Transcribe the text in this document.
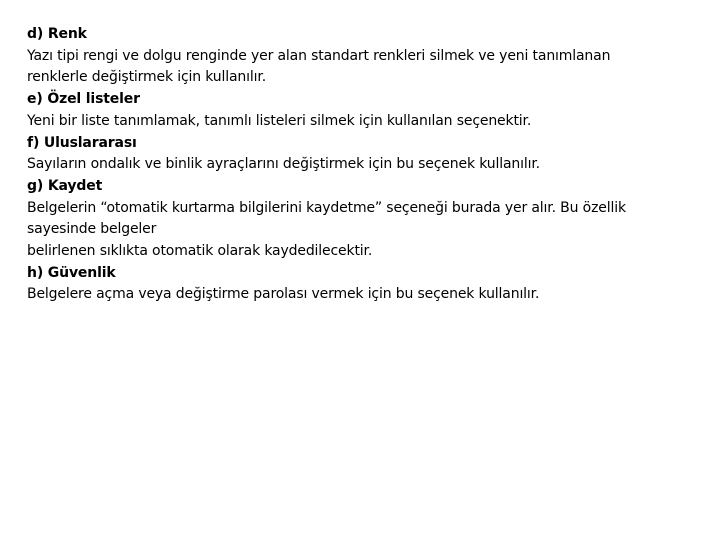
d) Renk
Yazı tipi rengi ve dolgu renginde yer alan standart renkleri silmek ve yeni tanımlanan
renklerle değiştirmek için kullanılır.
e) Özel listeler
Yeni bir liste tanımlamak, tanımlı listeleri silmek için kullanılan seçenektir.
f) Uluslararası
Sayıların ondalık ve binlik ayraçlarını değiştirmek için bu seçenek kullanılır.
g) Kaydet
Belgelerin “otomatik kurtarma bilgilerini kaydetme” seçeneği burada yer alır. Bu özellik
sayesinde belgeler
belirlenen sıklıkta otomatik olarak kaydedilecektir.
h) Güvenlik
Belgelere açma veya değiştirme parolası vermek için bu seçenek kullanılır.
